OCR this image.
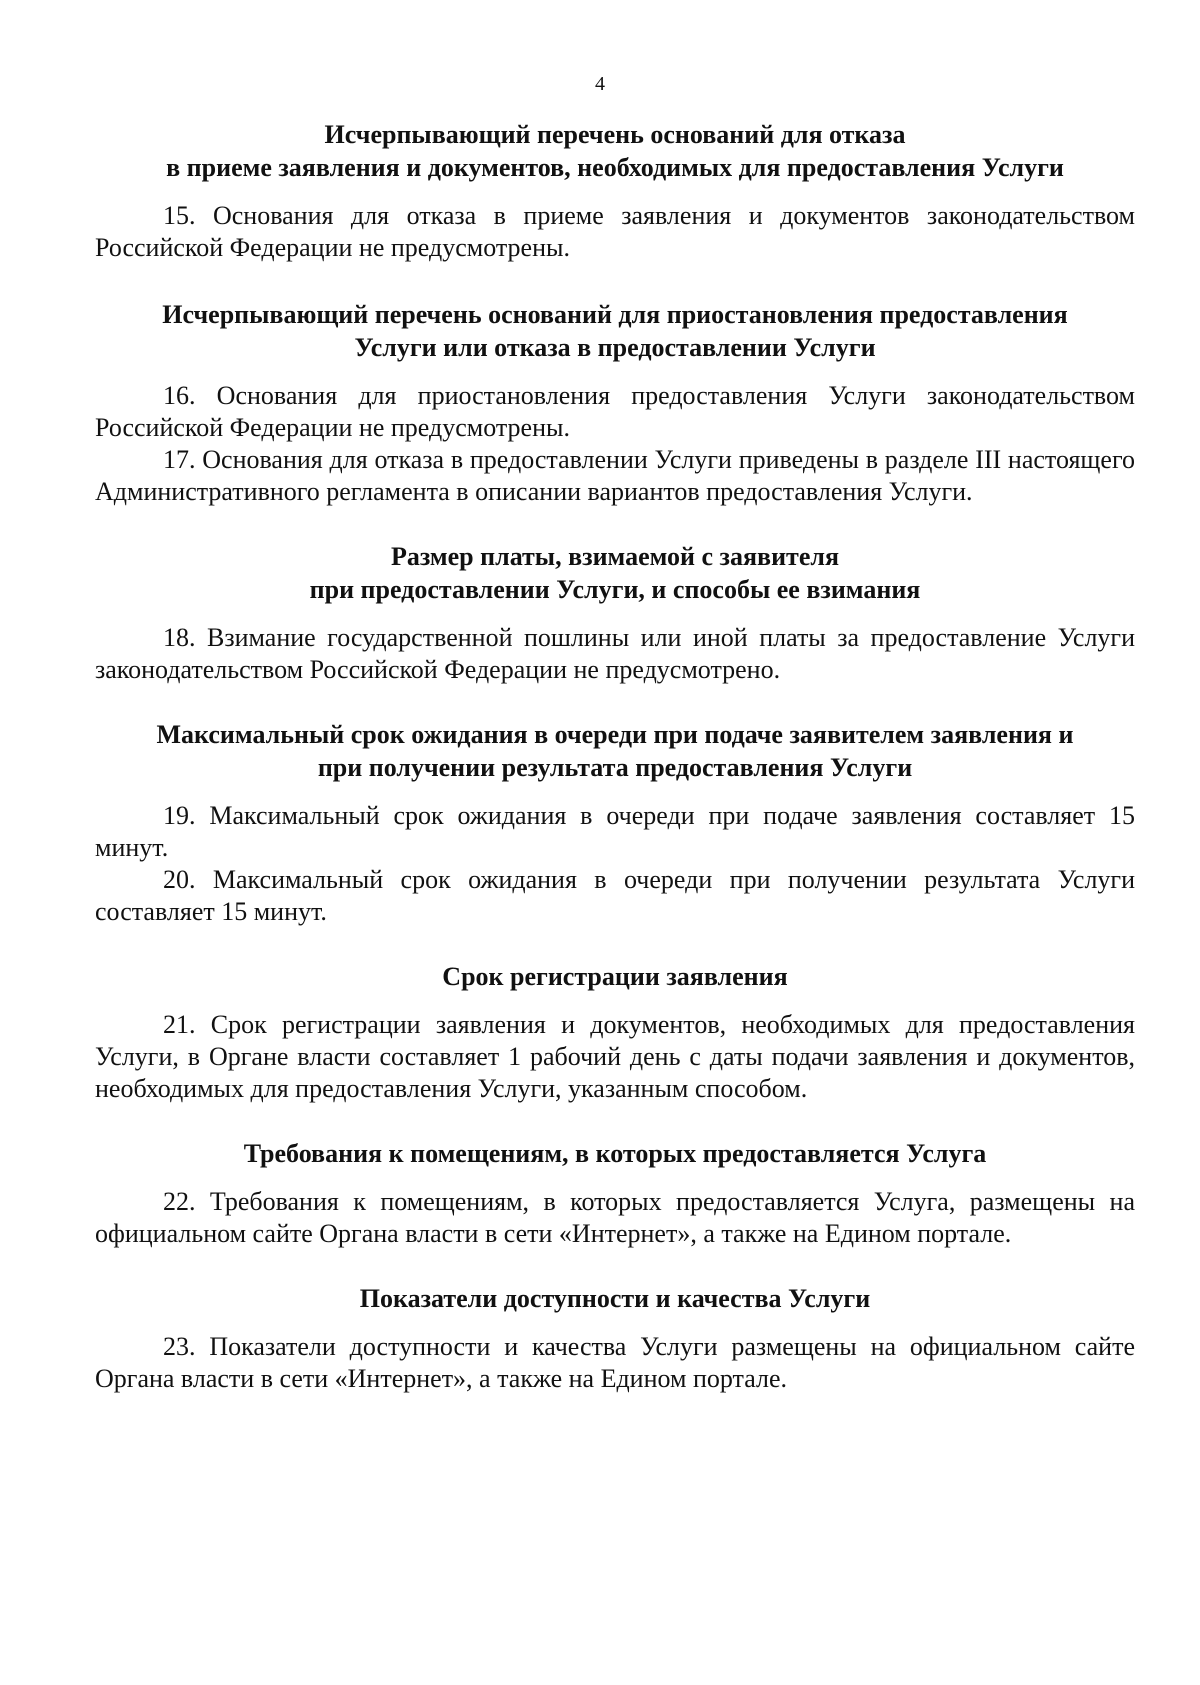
4
Исчерпывающий перечень оснований для отказа
в приеме заявления и документов, необходимых для предоставления Услуги

15. Основания для отказа в приеме заявления и документов законодательством Российской Федерации не предусмотрены.

Исчерпывающий перечень оснований для приостановления предоставления
Услуги или отказа в предоставлении Услуги

16. Основания для приостановления предоставления Услуги законодательством Российской Федерации не предусмотрены.

17. Основания для отказа в предоставлении Услуги приведены в разделе III настоящего Административного регламента в описании вариантов предоставления Услуги.

Размер платы, взимаемой с заявителя
при предоставлении Услуги, и способы ее взимания

18. Взимание государственной пошлины или иной платы за предоставление Услуги законодательством Российской Федерации не предусмотрено.

Максимальный срок ожидания в очереди при подаче заявителем заявления и
при получении результата предоставления Услуги

19. Максимальный срок ожидания в очереди при подаче заявления составляет 15 минут.

20. Максимальный срок ожидания в очереди при получении результата Услуги составляет 15 минут.

Срок регистрации заявления

21. Срок регистрации заявления и документов, необходимых для предоставления Услуги, в Органе власти составляет 1 рабочий день с даты подачи заявления и документов, необходимых для предоставления Услуги, указанным способом.

Требования к помещениям, в которых предоставляется Услуга

22. Требования к помещениям, в которых предоставляется Услуга, размещены на официальном сайте Органа власти в сети «Интернет», а также на Едином портале.

Показатели доступности и качества Услуги

23. Показатели доступности и качества Услуги размещены на официальном сайте Органа власти в сети «Интернет», а также на Едином портале.
